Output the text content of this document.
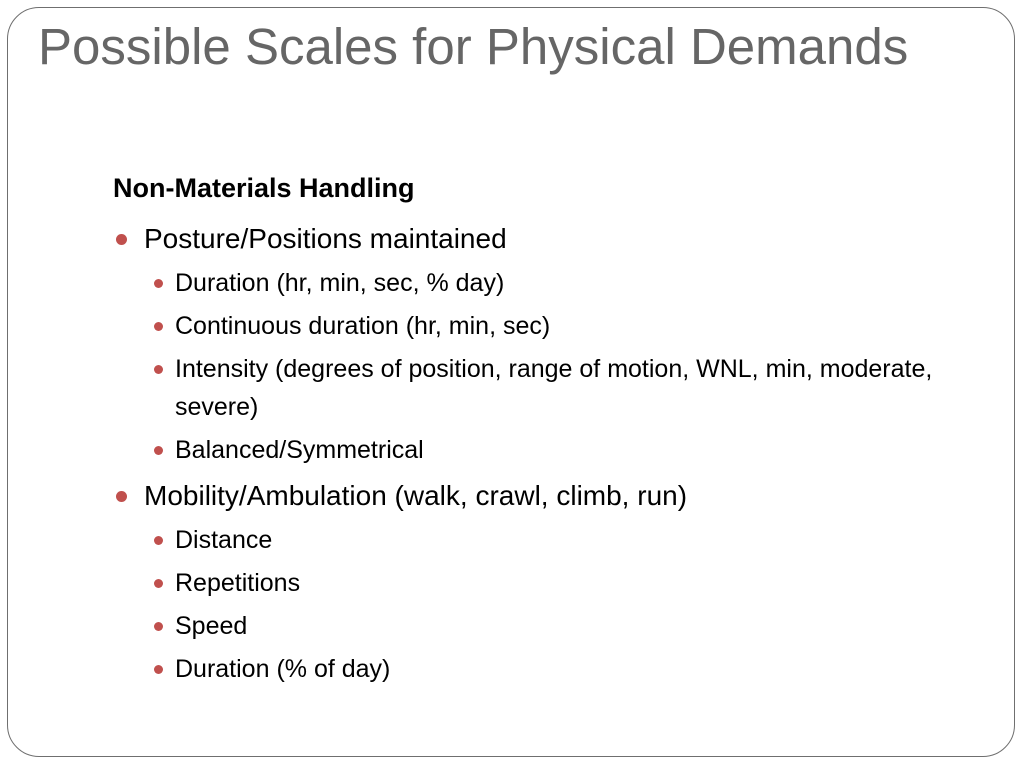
Possible Scales for Physical Demands
Non-Materials Handling
Posture/Positions maintained
Duration (hr, min, sec, % day)
Continuous duration (hr, min, sec)
Intensity (degrees of position, range of motion, WNL, min, moderate, severe)
Balanced/Symmetrical
Mobility/Ambulation (walk, crawl, climb, run)
Distance
Repetitions
Speed
Duration (% of day)
